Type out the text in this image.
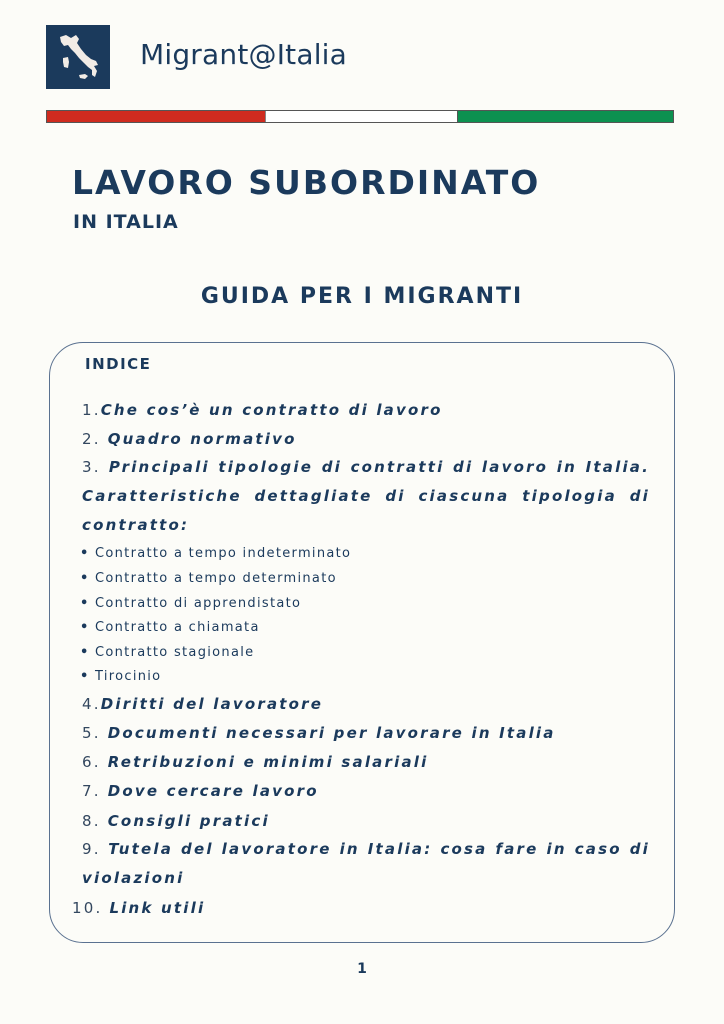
Migrant@Italia
LAVORO SUBORDINATO
IN ITALIA
GUIDA PER I MIGRANTI
INDICE
1.Che cos’è un contratto di lavoro
2. Quadro normativo
3. Principali tipologie di contratti di lavoro in Italia. Caratteristiche dettagliate di ciascuna tipologia di contratto:
• Contratto a tempo indeterminato
• Contratto a tempo determinato
• Contratto di apprendistato
• Contratto a chiamata
• Contratto stagionale
• Tirocinio
4.Diritti del lavoratore
5. Documenti necessari per lavorare in Italia
6. Retribuzioni e minimi salariali
7. Dove cercare lavoro
8. Consigli pratici
9. Tutela del lavoratore in Italia: cosa fare in caso di violazioni
10. Link utili
1
